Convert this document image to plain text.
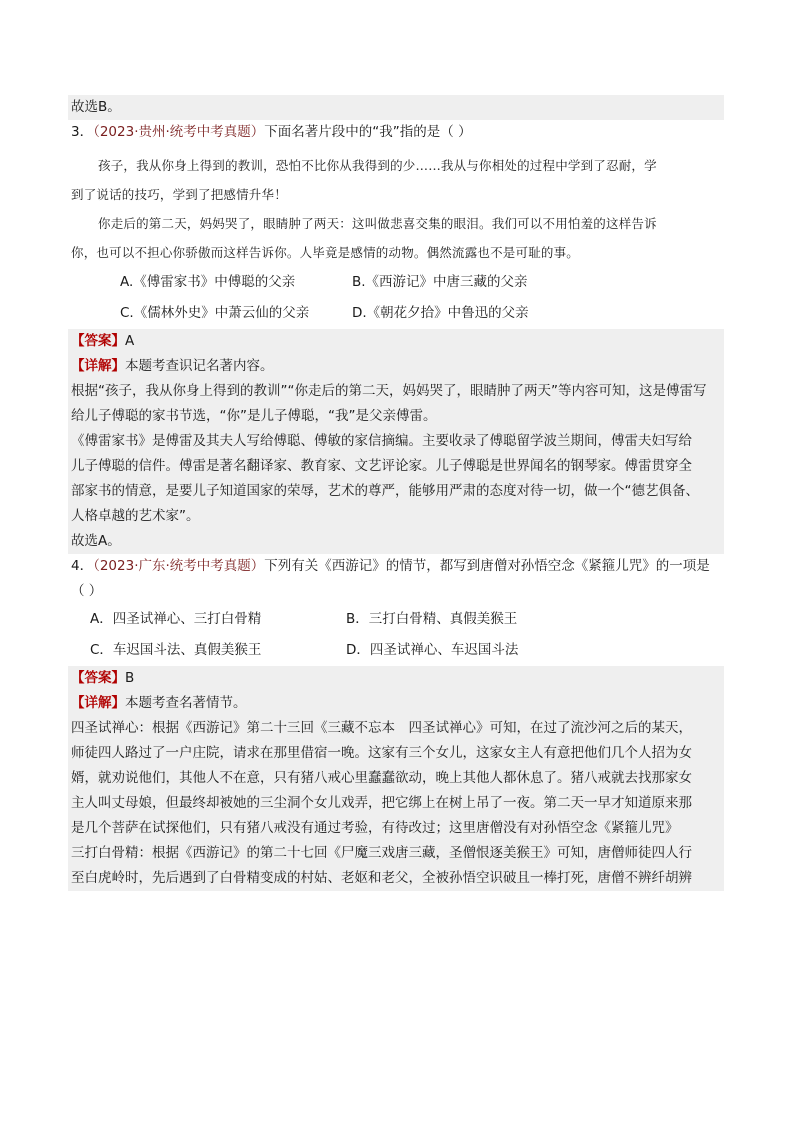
故选B。
3．（2023·贵州·统考中考真题）下面名著片段中的“我”指的是（ ）
孩子，我从你身上得到的教训，恐怕不比你从我得到的少……我从与你相处的过程中学到了忍耐，学
到了说话的技巧，学到了把感情升华！
你走后的第二天，妈妈哭了，眼睛肿了两天：这叫做悲喜交集的眼泪。我们可以不用怕羞的这样告诉
你，也可以不担心你骄傲而这样告诉你。人毕竟是感情的动物。偶然流露也不是可耻的事。
A.《傅雷家书》中傅聪的父亲	B.《西游记》中唐三藏的父亲
C.《儒林外史》中萧云仙的父亲	D.《朝花夕拾》中鲁迅的父亲
【答案】A
【详解】本题考查识记名著内容。
根据“孩子，我从你身上得到的教训”“你走后的第二天，妈妈哭了，眼睛肿了两天”等内容可知，这是傅雷写
给儿子傅聪的家书节选，“你”是儿子傅聪，“我”是父亲傅雷。
《傅雷家书》是傅雷及其夫人写给傅聪、傅敏的家信摘编。主要收录了傅聪留学波兰期间，傅雷夫妇写给
儿子傅聪的信件。傅雷是著名翻译家、教育家、文艺评论家。儿子傅聪是世界闻名的钢琴家。傅雷贯穿全
部家书的情意，是要儿子知道国家的荣辱，艺术的尊严，能够用严肃的态度对待一切，做一个“德艺俱备、
人格卓越的艺术家”。
故选A。
4．（2023·广东·统考中考真题）下列有关《西游记》的情节，都写到唐僧对孙悟空念《紧箍儿咒》的一项是
（ ）
A．四圣试禅心、三打白骨精	B．三打白骨精、真假美猴王
C．车迟国斗法、真假美猴王	D．四圣试禅心、车迟国斗法
【答案】B
【详解】本题考查名著情节。
四圣试禅心：根据《西游记》第二十三回《三藏不忘本　四圣试禅心》可知，在过了流沙河之后的某天，
师徒四人路过了一户庄院，请求在那里借宿一晚。这家有三个女儿，这家女主人有意把他们几个人招为女
婿，就劝说他们，其他人不在意，只有猪八戒心里蠢蠢欲动，晚上其他人都休息了。猪八戒就去找那家女
主人叫丈母娘，但最终却被她的三尘洞个女儿戏弄，把它绑上在树上吊了一夜。第二天一早才知道原来那
是几个菩萨在试探他们，只有猪八戒没有通过考验，有待改过；这里唐僧没有对孙悟空念《紧箍儿咒》
三打白骨精：根据《西游记》的第二十七回《尸魔三戏唐三藏，圣僧恨逐美猴王》可知，唐僧师徒四人行
至白虎岭时，先后遇到了白骨精变成的村姑、老妪和老父，全被孙悟空识破且一棒打死，唐僧不辨纤胡辨
